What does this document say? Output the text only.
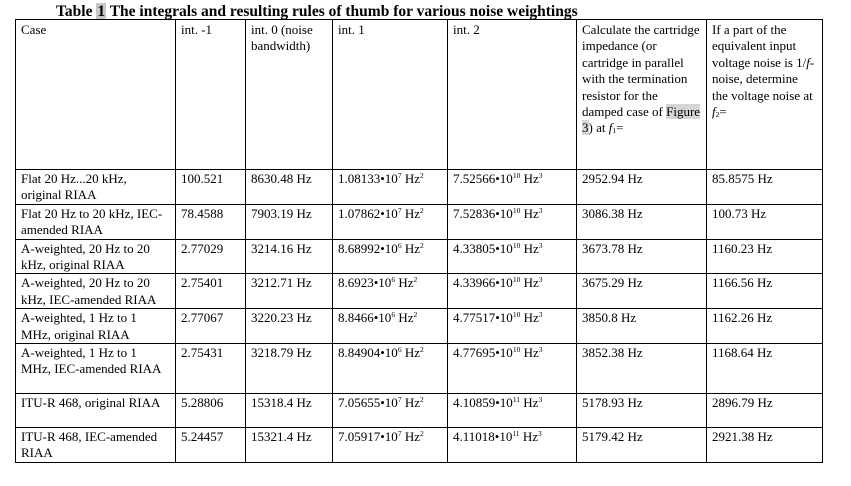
Table 1 The integrals and resulting rules of thumb for various noise weightings
Case	int. -1	int. 0 (noise bandwidth)	int. 1	int. 2	Calculate the cartridge impedance (or cartridge in parallel with the termination resistor for the damped case of Figure 3) at $f_1=$	If a part of the equivalent input voltage noise is 1/f-noise, determine the voltage noise at $f_2=$
Flat 20 Hz...20 kHz, original RIAA	100.521	8630.48 Hz	$1.08133•10^7$ Hz$^2$	$7.52566•10^{10}$ Hz$^3$	2952.94 Hz	85.8575 Hz
Flat 20 Hz to 20 kHz, IEC-amended RIAA	78.4588	7903.19 Hz	$1.07862•10^7$ Hz$^2$	$7.52836•10^{10}$ Hz$^3$	3086.38 Hz	100.73 Hz
A-weighted, 20 Hz to 20 kHz, original RIAA	2.77029	3214.16 Hz	$8.68992•10^6$ Hz$^2$	$4.33805•10^{10}$ Hz$^3$	3673.78 Hz	1160.23 Hz
A-weighted, 20 Hz to 20 kHz, IEC-amended RIAA	2.75401	3212.71 Hz	$8.6923•10^6$ Hz$^2$	$4.33966•10^{10}$ Hz$^3$	3675.29 Hz	1166.56 Hz
A-weighted, 1 Hz to 1 MHz, original RIAA	2.77067	3220.23 Hz	$8.8466•10^6$ Hz$^2$	$4.77517•10^{10}$ Hz$^3$	3850.8 Hz	1162.26 Hz
A-weighted, 1 Hz to 1 MHz, IEC-amended RIAA	2.75431	3218.79 Hz	$8.84904•10^6$ Hz$^2$	$4.77695•10^{10}$ Hz$^3$	3852.38 Hz	1168.64 Hz
ITU-R 468, original RIAA	5.28806	15318.4 Hz	$7.05655•10^7$ Hz$^2$	$4.10859•10^{11}$ Hz$^3$	5178.93 Hz	2896.79 Hz
ITU-R 468, IEC-amended RIAA	5.24457	15321.4 Hz	$7.05917•10^7$ Hz$^2$	$4.11018•10^{11}$ Hz$^3$	5179.42 Hz	2921.38 Hz
